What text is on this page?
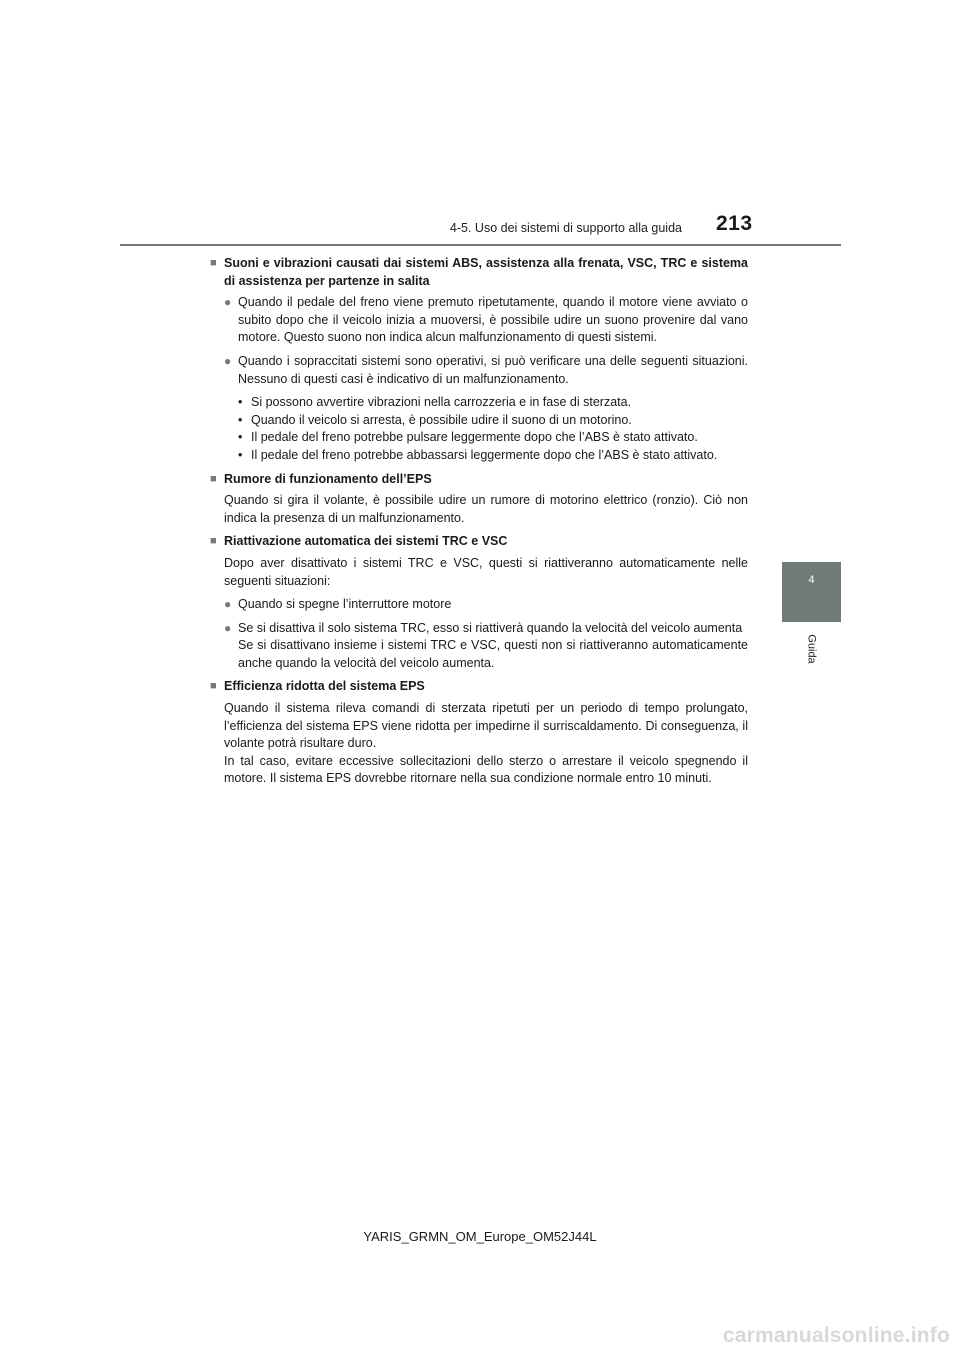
4-5. Uso dei sistemi di supporto alla guida 213
4
Guida
■ Suoni e vibrazioni causati dai sistemi ABS, assistenza alla frenata, VSC, TRC e sistema di assistenza per partenze in salita
● Quando il pedale del freno viene premuto ripetutamente, quando il motore viene avviato o subito dopo che il veicolo inizia a muoversi, è possibile udire un suono provenire dal vano motore. Questo suono non indica alcun malfunzionamento di questi sistemi.
● Quando i sopraccitati sistemi sono operativi, si può verificare una delle seguenti situazioni. Nessuno di questi casi è indicativo di un malfunzionamento.
• Si possono avvertire vibrazioni nella carrozzeria e in fase di sterzata.
• Quando il veicolo si arresta, è possibile udire il suono di un motorino.
• Il pedale del freno potrebbe pulsare leggermente dopo che l’ABS è stato attivato.
• Il pedale del freno potrebbe abbassarsi leggermente dopo che l’ABS è stato attivato.
■ Rumore di funzionamento dell’EPS

Quando si gira il volante, è possibile udire un rumore di motorino elettrico (ronzio). Ciò non indica la presenza di un malfunzionamento.

■ Riattivazione automatica dei sistemi TRC e VSC

Dopo aver disattivato i sistemi TRC e VSC, questi si riattiveranno automaticamente nelle seguenti situazioni:

● Quando si spegne l’interruttore motore
● Se si disattiva il solo sistema TRC, esso si riattiverà quando la velocità del veicolo aumenta

Se si disattivano insieme i sistemi TRC e VSC, questi non si riattiveranno automaticamente anche quando la velocità del veicolo aumenta.

■ Efficienza ridotta del sistema EPS

Quando il sistema rileva comandi di sterzata ripetuti per un periodo di tempo prolungato, l’efficienza del sistema EPS viene ridotta per impedirne il surriscaldamento. Di conseguenza, il volante potrà risultare duro.

In tal caso, evitare eccessive sollecitazioni dello sterzo o arrestare il veicolo spegnendo il motore. Il sistema EPS dovrebbe ritornare nella sua condizione normale entro 10 minuti.

YARIS_GRMN_OM_Europe_OM52J44L
carmanualsonline.info
